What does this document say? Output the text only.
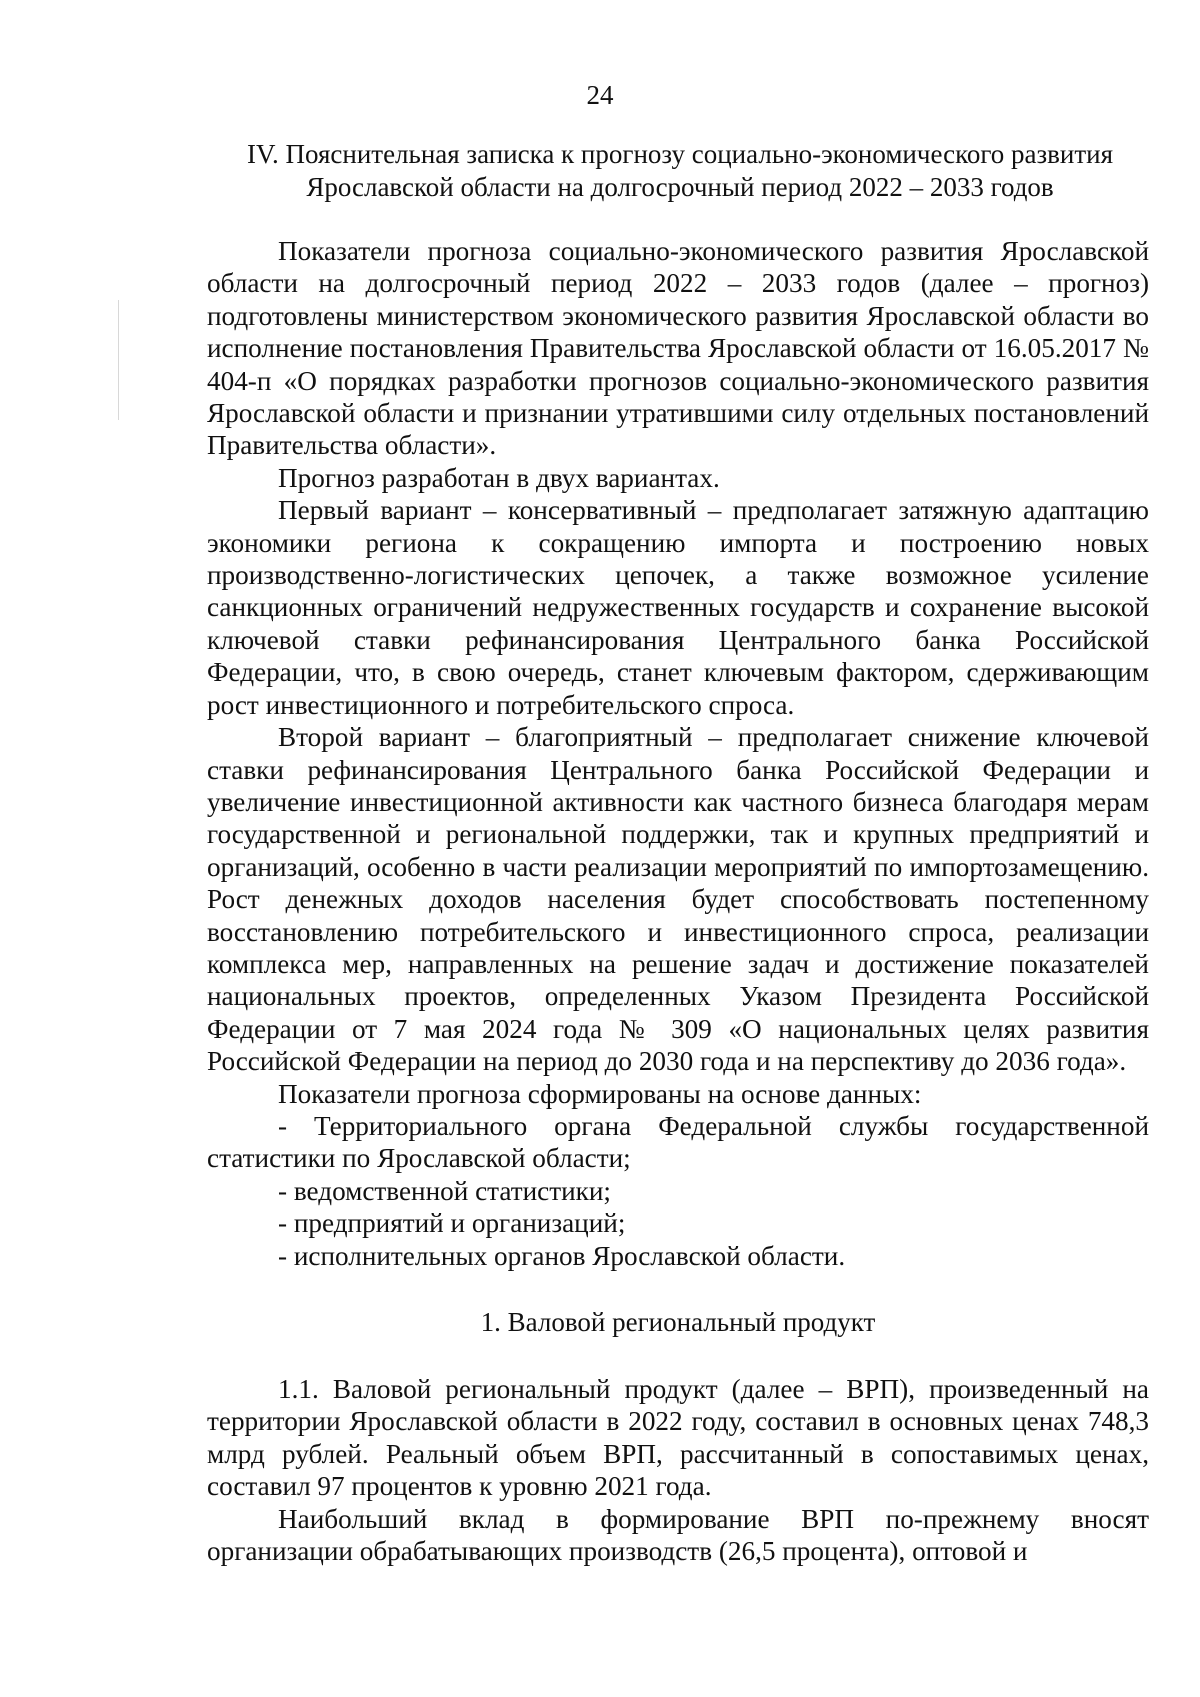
24
IV. Пояснительная записка к прогнозу социально-экономического развития
Ярославской области на долгосрочный период 2022 – 2033 годов

Показатели прогноза социально-экономического развития Ярославской области на долгосрочный период 2022 – 2033 годов (далее – прогноз) подготовлены министерством экономического развития Ярославской области во исполнение постановления Правительства Ярославской области от 16.05.2017 № 404-п «О порядках разработки прогнозов социально-экономического развития Ярославской области и признании утратившими силу отдельных постановлений Правительства области».

Прогноз разработан в двух вариантах.

Первый вариант – консервативный – предполагает затяжную адаптацию экономики региона к сокращению импорта и построению новых производственно-логистических цепочек, а также возможное усиление санкционных ограничений недружественных государств и сохранение высокой ключевой ставки рефинансирования Центрального банка Российской Федерации, что, в свою очередь, станет ключевым фактором, сдерживающим рост инвестиционного и потребительского спроса.

Второй вариант – благоприятный – предполагает снижение ключевой ставки рефинансирования Центрального банка Российской Федерации и увеличение инвестиционной активности как частного бизнеса благодаря мерам государственной и региональной поддержки, так и крупных предприятий и организаций, особенно в части реализации мероприятий по импортозамещению. Рост денежных доходов населения будет способствовать постепенному восстановлению потребительского и инвестиционного спроса, реализации комплекса мер, направленных на решение задач и достижение показателей национальных проектов, определенных Указом Президента Российской Федерации от 7 мая 2024 года № 309 «О национальных целях развития Российской Федерации на период до 2030 года и на перспективу до 2036 года».

Показатели прогноза сформированы на основе данных:

- Территориального органа Федеральной службы государственной статистики по Ярославской области;

- ведомственной статистики;

- предприятий и организаций;

- исполнительных органов Ярославской области.

1. Валовой региональный продукт

1.1. Валовой региональный продукт (далее – ВРП), произведенный на территории Ярославской области в 2022 году, составил в основных ценах 748,3 млрд рублей. Реальный объем ВРП, рассчитанный в сопоставимых ценах, составил 97 процентов к уровню 2021 года.

Наибольший вклад в формирование ВРП по-прежнему вносят организации обрабатывающих производств (26,5 процента), оптовой и
